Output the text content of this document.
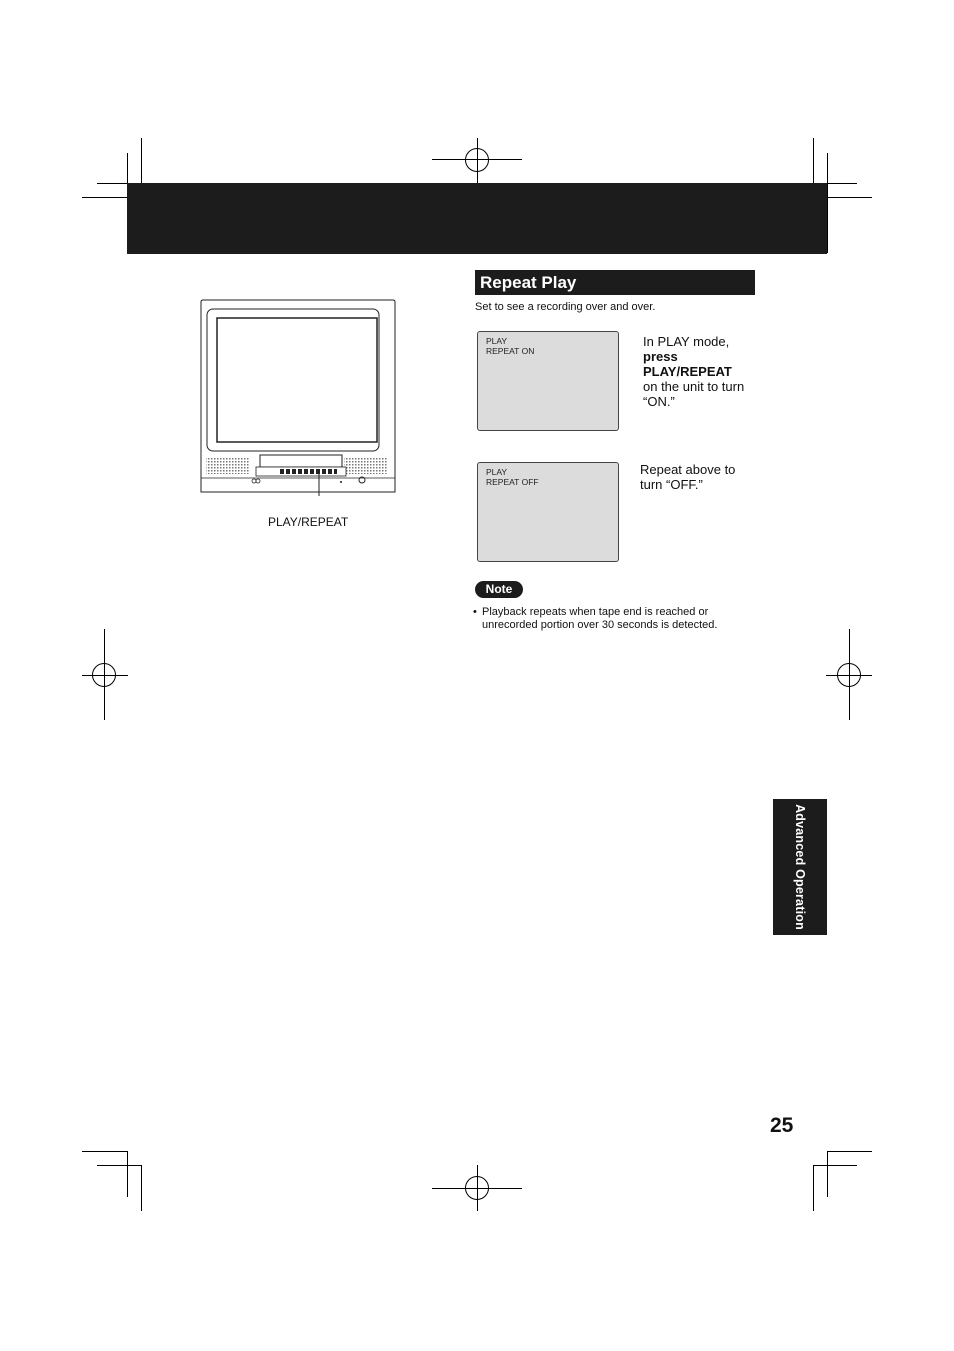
PLAY/REPEAT
Repeat Play
Set to see a recording over and over.
PLAY
REPEAT ON
In PLAY mode,
press
PLAY/REPEAT
on the unit to turn “ON.”
PLAY
REPEAT OFF
Repeat above to turn “OFF.”
Note
• Playback repeats when tape end is reached or unrecorded portion over 30 seconds is detected.
Advanced Operation
25
